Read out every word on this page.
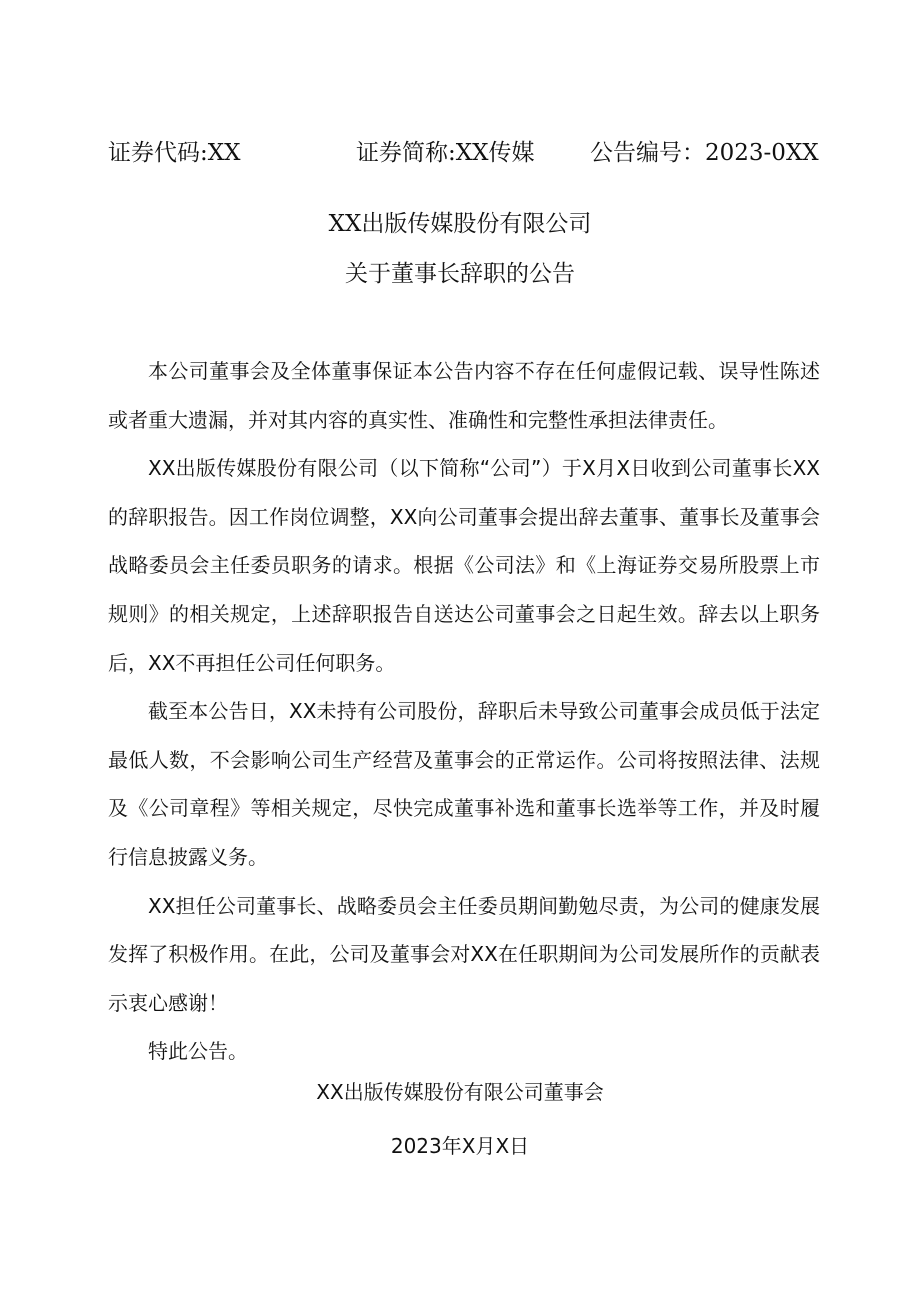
证券代码:XX	证券简称:XX传媒 公告编号：2023-0XX
XX出版传媒股份有限公司
关于董事长辞职的公告

本公司董事会及全体董事保证本公告内容不存在任何虚假记载、误导性陈述或者重大遗漏，并对其内容的真实性、准确性和完整性承担法律责任。

XX出版传媒股份有限公司（以下简称“公司”）于X月X日收到公司董事长XX的辞职报告。因工作岗位调整，XX向公司董事会提出辞去董事、董事长及董事会战略委员会主任委员职务的请求。根据《公司法》和《上海证券交易所股票上市规则》的相关规定，上述辞职报告自送达公司董事会之日起生效。辞去以上职务后，XX不再担任公司任何职务。

截至本公告日，XX未持有公司股份，辞职后未导致公司董事会成员低于法定最低人数，不会影响公司生产经营及董事会的正常运作。公司将按照法律、法规及《公司章程》等相关规定，尽快完成董事补选和董事长选举等工作，并及时履行信息披露义务。

XX担任公司董事长、战略委员会主任委员期间勤勉尽责，为公司的健康发展发挥了积极作用。在此，公司及董事会对XX在任职期间为公司发展所作的贡献表示衷心感谢！

特此公告。

XX出版传媒股份有限公司董事会
2023年X月X日
